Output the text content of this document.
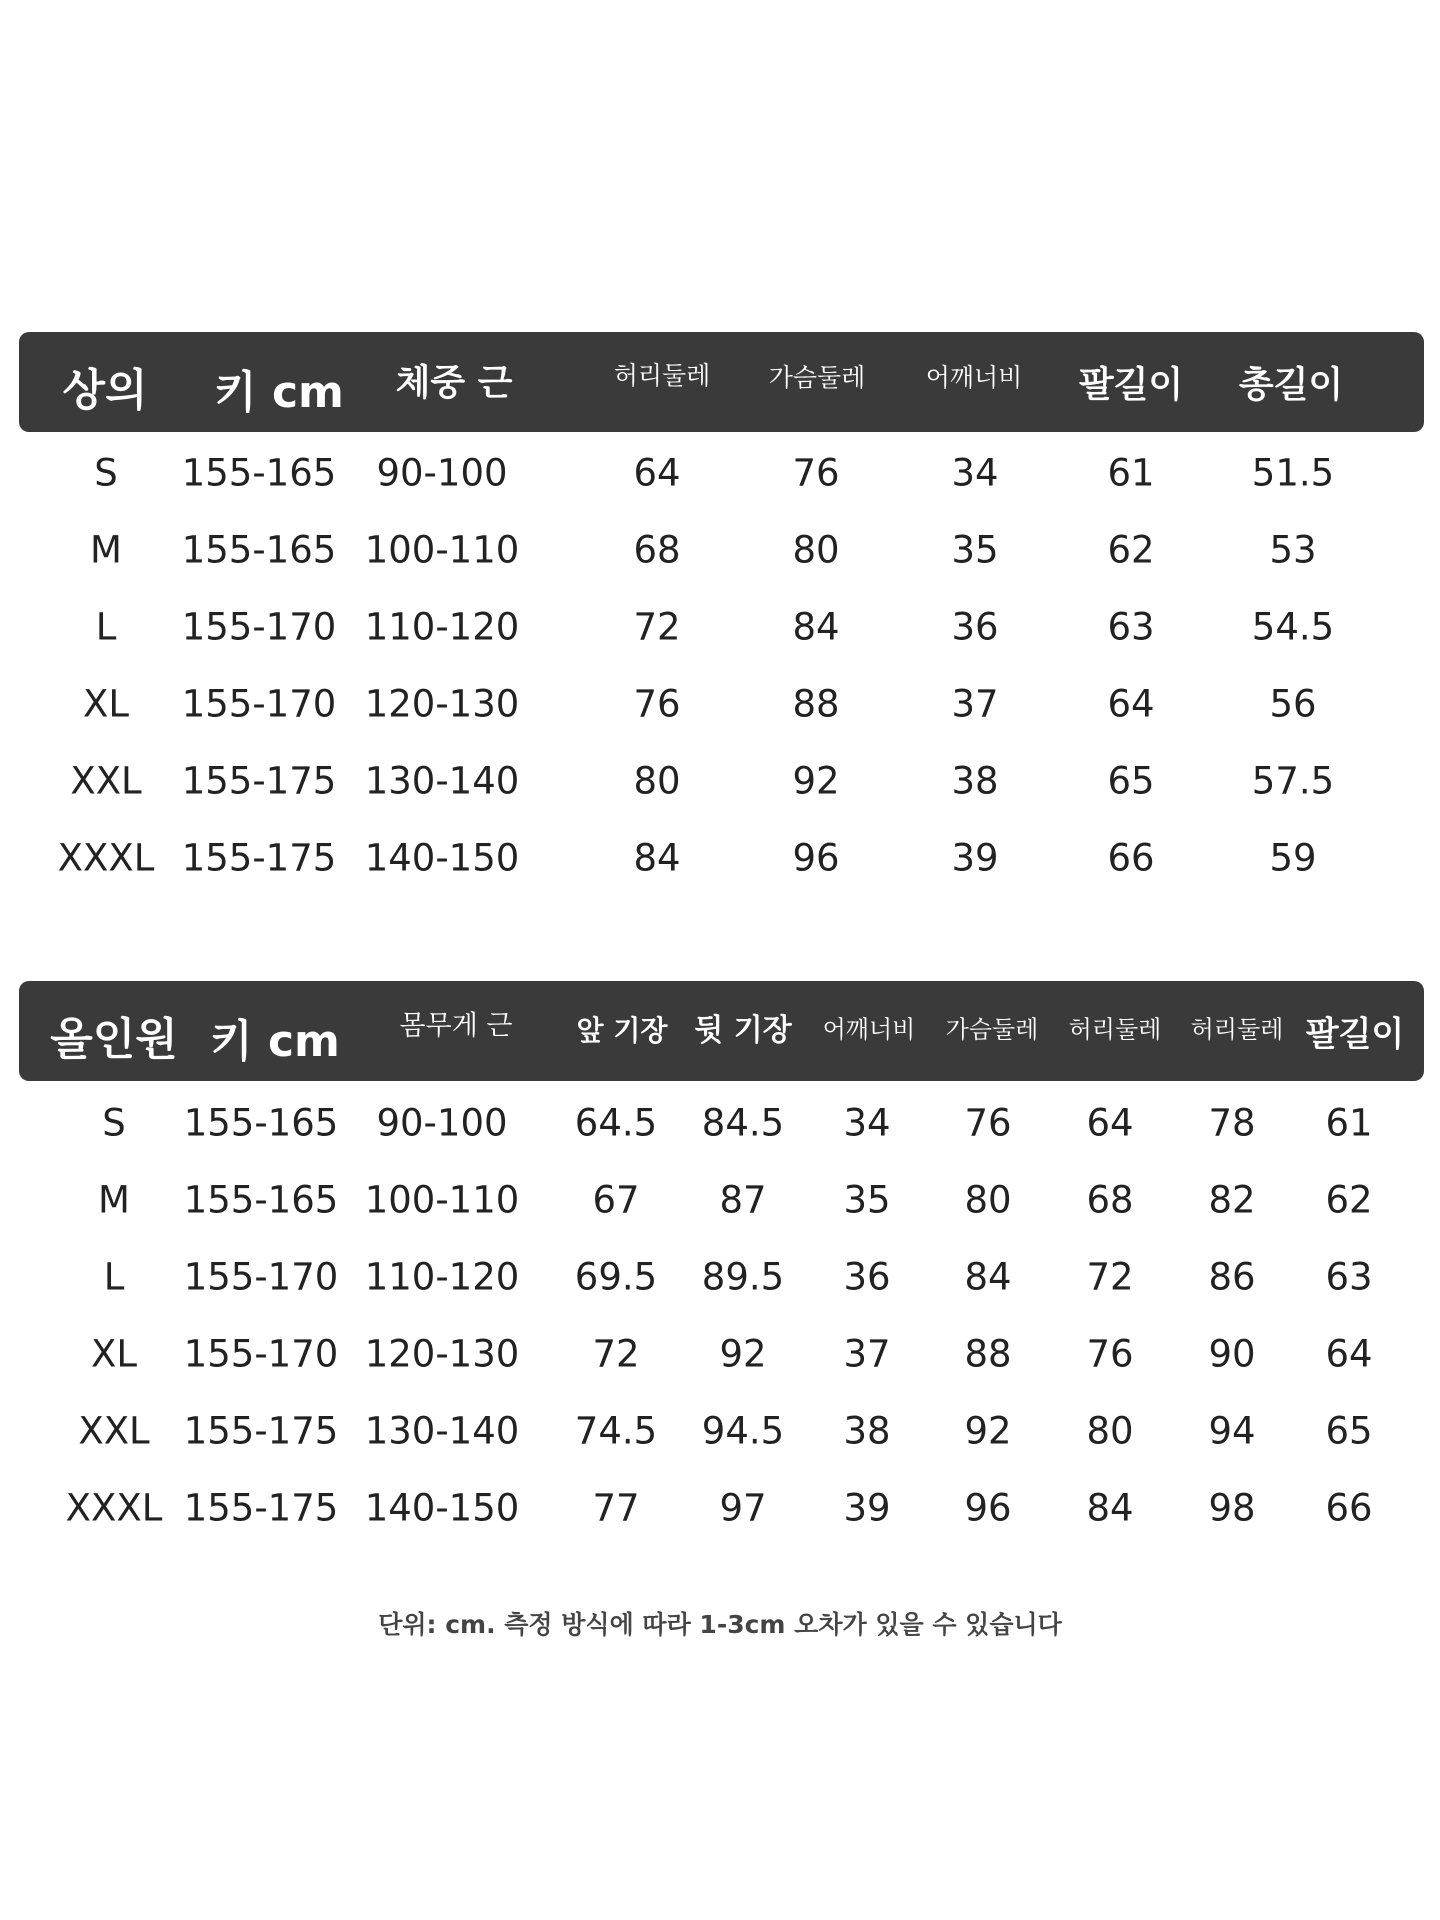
상의 키 cm 체중 근	허리둘레 가슴둘레 어깨너비 팔길이 총길이
S 155-165 90-100	64	76	34	61	51.5
M 155-165 100-110	68	80	35	62	53
L 155-170 110-120	72	84	36	63	54.5
XL 155-170 120-130	76	88	37	64	56
XXL 155-175 130-140	80	92	38	65	57.5
XXXL 155-175 140-150	84	96	39	66	59
올인원 키 cm 몸무게 근 앞 기장 뒷 기장 어깨너비 가슴둘레 허리둘레 허리둘레 팔길이
S 155-165 90-100 64.5 84.5 34 76 64 78 61
M 155-165 100-110 67 87 35 80 68 82 62
L 155-170 110-120 69.5 89.5 36 84 72 86 63
XL 155-170 120-130 72 92 37 88 76 90 64
XXL 155-175 130-140 74.5 94.5 38 92 80 94 65
XXXL 155-175 140-150 77 97 39 96 84 98 66
단위: cm. 측정 방식에 따라 1-3cm 오차가 있을 수 있습니다
